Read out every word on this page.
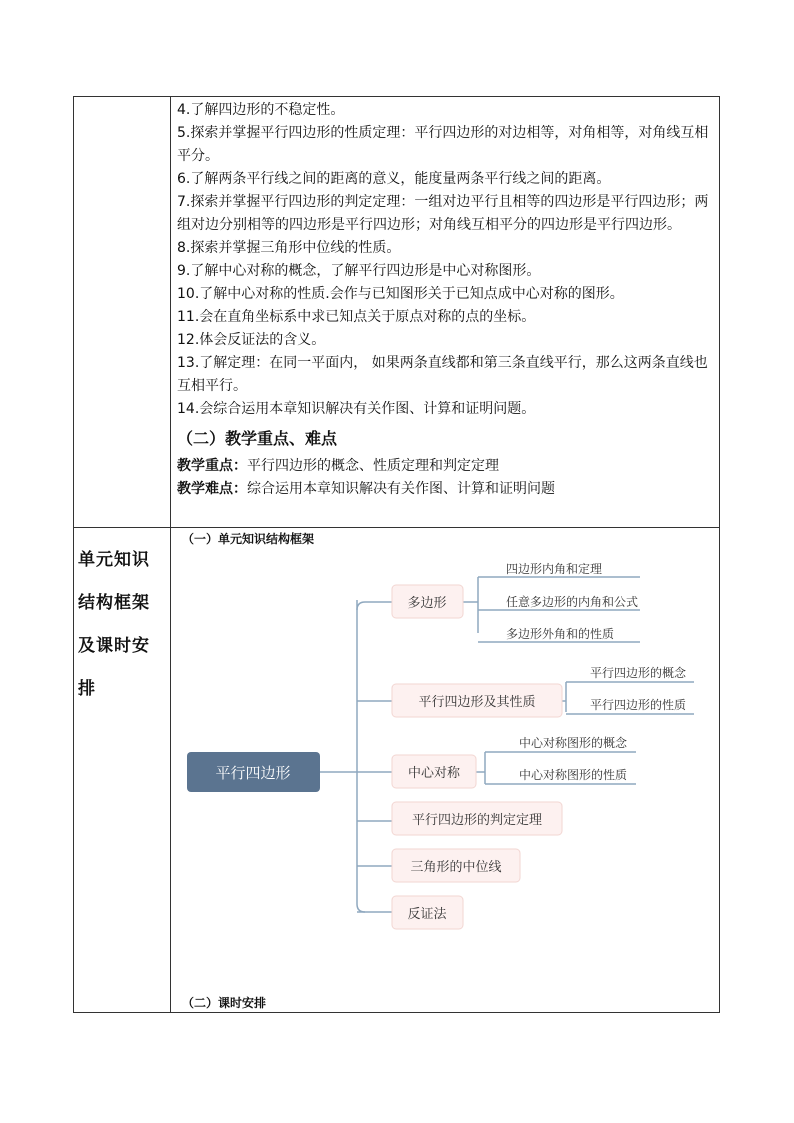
4.了解四边形的不稳定性。

5.探索并掌握平行四边形的性质定理：平行四边形的对边相等，对角相等，对角线互相平分。

6.了解两条平行线之间的距离的意义，能度量两条平行线之间的距离。

7.探索并掌握平行四边形的判定定理：一组对边平行且相等的四边形是平行四边形；两组对边分别相等的四边形是平行四边形；对角线互相平分的四边形是平行四边形。

8.探索并掌握三角形中位线的性质。

9.了解中心对称的概念，了解平行四边形是中心对称图形。

10.了解中心对称的性质.会作与已知图形关于已知点成中心对称的图形。

11.会在直角坐标系中求已知点关于原点对称的点的坐标。

12.体会反证法的含义。

13.了解定理：在同一平面内， 如果两条直线都和第三条直线平行，那么这两条直线也互相平行。

14.会综合运用本章知识解决有关作图、计算和证明问题。

（二）教学重点、难点

教学重点：平行四边形的概念、性质定理和判定定理

教学难点：综合运用本章知识解决有关作图、计算和证明问题

单元知识结构框架及课时安排
（一）单元知识结构框架
（二）课时安排
平行四边形
多边形
平行四边形及其性质
中心对称
平行四边形的判定定理
三角形的中位线
反证法
四边形内角和定理
任意多边形的内角和公式
多边形外角和的性质
平行四边形的概念
平行四边形的性质
中心对称图形的概念
中心对称图形的性质
